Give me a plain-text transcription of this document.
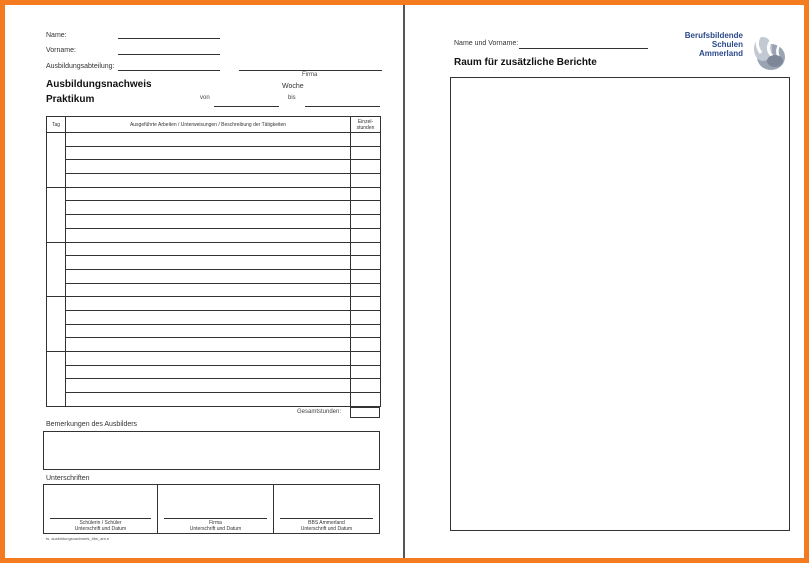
Name:
Vorname:
Ausbildungsabteilung:
Firma
Ausbildungsnachweis
Praktikum
Woche
von	bis
Tag	Ausgeführte Arbeiten / Unterweisungen / Beschreibung der Tätigkeiten	Einzel-stunden

Gesamtstunden:
Bemerkungen des Ausbilders
Unterschriften
Schülerin / Schüler
Unterschrift und Datum
Firma
Unterschrift und Datum
BBS Ammerland
Unterschrift und Datum
ts. ausbildungsnachweis_bbs_am.e
Name und Vorname:
Raum für zusätzliche Berichte
Berufsbildende
Schulen
Ammerland
